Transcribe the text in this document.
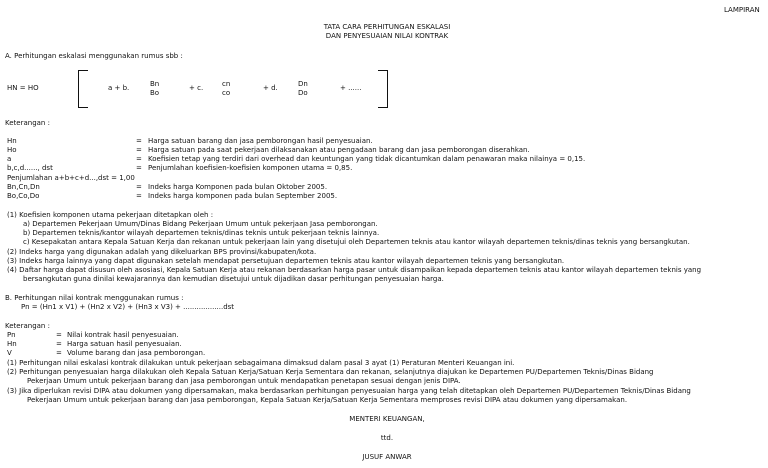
LAMPIRAN
TATA CARA PERHITUNGAN ESKALASI
DAN PENYESUAIAN NILAI KONTRAK
A. Perhitungan eskalasi menggunakan rumus sbb :
HN = HO	a + b.	Bn
Bo
+ c.	cn
co
+ d.	Dn
Do
+ ......
Keterangan :
Hn	= Harga satuan barang dan jasa pemborongan hasil penyesuaian.
Ho	= Harga satuan pada saat pekerjaan dilaksanakan atau pengadaan barang dan jasa pemborongan diserahkan.
a	= Koefisien tetap yang terdiri dari overhead dan keuntungan yang tidak dicantumkan dalam penawaran maka nilainya = 0,15.
b,c,d......, dst	= Penjumlahan koefisien-koefisien komponen utama = 0,85.
Penjumlahan a+b+c+d...,dst = 1,00
Bn,Cn,Dn	= Indeks harga Komponen pada bulan Oktober 2005.
Bo,Co,Do	= Indeks harga komponen pada bulan September 2005.
(1) Koefisien komponen utama pekerjaan ditetapkan oleh :
a) Departemen Pekerjaan Umum/Dinas Bidang Pekerjaan Umum untuk pekerjaan Jasa pemborongan.
b) Departemen teknis/kantor wilayah departemen teknis/dinas teknis untuk pekerjaan teknis lainnya.
c) Kesepakatan antara Kepala Satuan Kerja dan rekanan untuk pekerjaan lain yang disetujui oleh Departemen teknis atau kantor wilayah departemen teknis/dinas teknis yang bersangkutan.
(2) Indeks harga yang digunakan adalah yang dikeluarkan BPS provinsi/kabupaten/kota.
(3) Indeks harga lainnya yang dapat digunakan setelah mendapat persetujuan departemen teknis atau kantor wilayah departemen teknis yang bersangkutan.
(4) Daftar harga dapat disusun oleh asosiasi, Kepala Satuan Kerja atau rekanan berdasarkan harga pasar untuk disampaikan kepada departemen teknis atau kantor wilayah departemen teknis yang
bersangkutan guna dinilai kewajarannya dan kemudian disetujui untuk dijadikan dasar perhitungan penyesuaian harga.
B. Perhitungan nilai kontrak menggunakan rumus :
Pn = (Hn1 x V1) + (Hn2 x V2) + (Hn3 x V3) + ..................dst
Keterangan :
Pn	= Nilai kontrak hasil penyesuaian.
Hn	= Harga satuan hasil penyesuaian.
V	= Volume barang dan jasa pemborongan.
(1) Perhitungan nilai eskalasi kontrak dilakukan untuk pekerjaan sebagaimana dimaksud dalam pasal 3 ayat (1) Peraturan Menteri Keuangan ini.
(2) Perhitungan penyesuaian harga dilakukan oleh Kepala Satuan Kerja/Satuan Kerja Sementara dan rekanan, selanjutnya diajukan ke Departemen PU/Departemen Teknis/Dinas Bidang
Pekerjaan Umum untuk pekerjaan barang dan jasa pemborongan untuk mendapatkan penetapan sesuai dengan jenis DIPA.
(3) Jika diperlukan revisi DIPA atau dokumen yang dipersamakan, maka berdasarkan perhitungan penyesuaian harga yang telah ditetapkan oleh Departemen PU/Departemen Teknis/Dinas Bidang
Pekerjaan Umum untuk pekerjaan barang dan jasa pemborongan, Kepala Satuan Kerja/Satuan Kerja Sementara memproses revisi DIPA atau dokumen yang dipersamakan.
MENTERI KEUANGAN,
ttd.
JUSUF ANWAR
